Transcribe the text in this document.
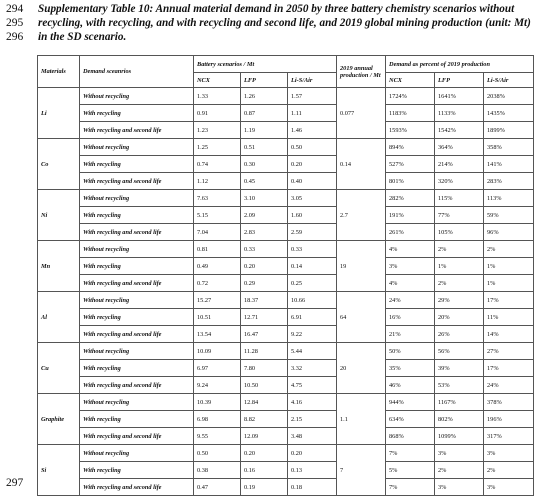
294
295
296
Supplementary Table 10: Annual material demand in 2050 by three battery chemistry scenarios without recycling, with recycling, and with recycling and second life, and 2019 global mining production (unit: Mt) in the SD scenario.
Materials	Demand sceanrios	Battery scenarios / Mt			2019 annual production / Mt	Demand as percent of 2019 production		
		NCX	LFP	Li-S/Air		NCX	LFP	Li-S/Air
Li	Without recycling	1.33	1.26	1.57	0.077	1724%	1641%	2038%
	With recycling	0.91	0.87	1.11		1183%	1133%	1435%
	With recycling and second life	1.23	1.19	1.46		1593%	1542%	1899%
Co	Without recycling	1.25	0.51	0.50	0.14	894%	364%	358%
	With recycling	0.74	0.30	0.20		527%	214%	141%
	With recycling and second life	1.12	0.45	0.40		801%	320%	283%
Ni	Without recycling	7.63	3.10	3.05	2.7	282%	115%	113%
	With recycling	5.15	2.09	1.60		191%	77%	59%
	With recycling and second life	7.04	2.83	2.59		261%	105%	96%
Mn	Without recycling	0.81	0.33	0.33	19	4%	2%	2%
	With recycling	0.49	0.20	0.14		3%	1%	1%
	With recycling and second life	0.72	0.29	0.25		4%	2%	1%
Al	Without recycling	15.27	18.37	10.66	64	24%	29%	17%
	With recycling	10.51	12.71	6.91		16%	20%	11%
	With recycling and second life	13.54	16.47	9.22		21%	26%	14%
Cu	Without recycling	10.09	11.28	5.44	20	50%	56%	27%
	With recycling	6.97	7.80	3.32		35%	39%	17%
	With recycling and second life	9.24	10.50	4.75		46%	53%	24%
Graphite	Without recycling	10.39	12.84	4.16	1.1	944%	1167%	378%
	With recycling	6.98	8.82	2.15		634%	802%	196%
	With recycling and second life	9.55	12.09	3.48		868%	1099%	317%
Si	Without recycling	0.50	0.20	0.20	7	7%	3%	3%
	With recycling	0.38	0.16	0.13		5%	2%	2%
	With recycling and second life	0.47	0.19	0.18		7%	3%	3%
297
